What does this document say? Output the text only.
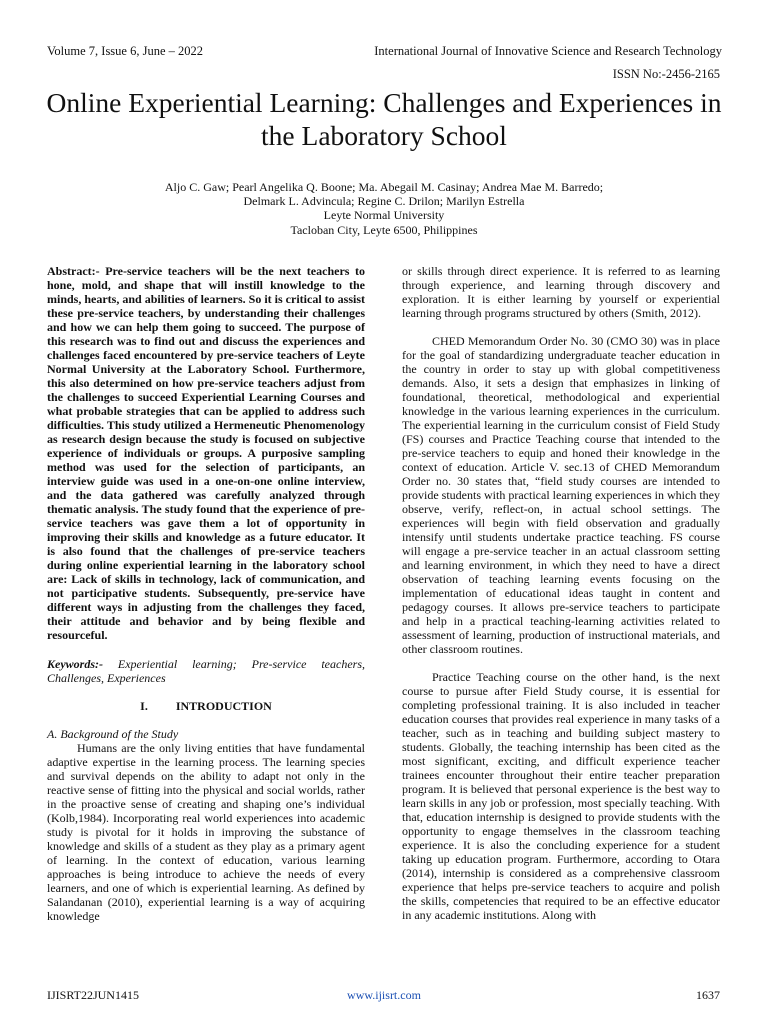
Volume 7, Issue 6, June – 2022	International Journal of Innovative Science and Research Technology
ISSN No:-2456-2165
Online Experiential Learning: Challenges and Experiences in the Laboratory School
Aljo C. Gaw; Pearl Angelika Q. Boone; Ma. Abegail M. Casinay; Andrea Mae M. Barredo;
Delmark L. Advincula; Regine C. Drilon; Marilyn Estrella
Leyte Normal University
Tacloban City, Leyte 6500, Philippines

Abstract:- Pre-service teachers will be the next teachers to hone, mold, and shape that will instill knowledge to the minds, hearts, and abilities of learners. So it is critical to assist these pre-service teachers, by understanding their challenges and how we can help them going to succeed. The purpose of this research was to find out and discuss the experiences and challenges faced encountered by pre-service teachers of Leyte Normal University at the Laboratory School. Furthermore, this also determined on how pre-service teachers adjust from the challenges to succeed Experiential Learning Courses and what probable strategies that can be applied to address such difficulties. This study utilized a Hermeneutic Phenomenology as research design because the study is focused on subjective experience of individuals or groups. A purposive sampling method was used for the selection of participants, an interview guide was used in a one-on-one online interview, and the data gathered was carefully analyzed through thematic analysis. The study found that the experience of pre-service teachers was gave them a lot of opportunity in improving their skills and knowledge as a future educator. It is also found that the challenges of pre-service teachers during online experiential learning in the laboratory school are: Lack of skills in technology, lack of communication, and not participative students. Subsequently, pre-service have different ways in adjusting from the challenges they faced, their attitude and behavior and by being flexible and resourceful.

Keywords:- Experiential learning; Pre-service teachers, Challenges, Experiences

I. INTRODUCTION

A. Background of the Study

Humans are the only living entities that have fundamental adaptive expertise in the learning process. The learning species and survival depends on the ability to adapt not only in the reactive sense of fitting into the physical and social worlds, rather in the proactive sense of creating and shaping one’s individual (Kolb,1984). Incorporating real world experiences into academic study is pivotal for it holds in improving the substance of knowledge and skills of a student as they play as a primary agent of learning. In the context of education, various learning approaches is being introduce to achieve the needs of every learners, and one of which is experiential learning. As defined by Salandanan (2010), experiential learning is a way of acquiring knowledge

or skills through direct experience. It is referred to as learning through experience, and learning through discovery and exploration. It is either learning by yourself or experiential learning through programs structured by others (Smith, 2012).

CHED Memorandum Order No. 30 (CMO 30) was in place for the goal of standardizing undergraduate teacher education in the country in order to stay up with global competitiveness demands. Also, it sets a design that emphasizes in linking of foundational, theoretical, methodological and experiential knowledge in the various learning experiences in the curriculum. The experiential learning in the curriculum consist of Field Study (FS) courses and Practice Teaching course that intended to the pre-service teachers to equip and honed their knowledge in the context of education. Article V. sec.13 of CHED Memorandum Order no. 30 states that, “field study courses are intended to provide students with practical learning experiences in which they observe, verify, reflect-on, in actual school settings. The experiences will begin with field observation and gradually intensify until students undertake practice teaching. FS course will engage a pre-service teacher in an actual classroom setting and learning environment, in which they need to have a direct observation of teaching learning events focusing on the implementation of educational ideas taught in content and pedagogy courses. It allows pre-service teachers to participate and help in a practical teaching-learning activities related to assessment of learning, production of instructional materials, and other classroom routines.

Practice Teaching course on the other hand, is the next course to pursue after Field Study course, it is essential for completing professional training. It is also included in teacher education courses that provides real experience in many tasks of a teacher, such as in teaching and building subject mastery to students. Globally, the teaching internship has been cited as the most significant, exciting, and difficult experience teacher trainees encounter throughout their entire teacher preparation program. It is believed that personal experience is the best way to learn skills in any job or profession, most specially teaching. With that, education internship is designed to provide students with the opportunity to engage themselves in the classroom teaching experience. It is also the concluding experience for a student taking up education program. Furthermore, according to Otara (2014), internship is considered as a comprehensive classroom experience that helps pre-service teachers to acquire and polish the skills, competencies that required to be an effective educator in any academic institutions. Along with

IJISRT22JUN1415	www.ijisrt.com	1637
